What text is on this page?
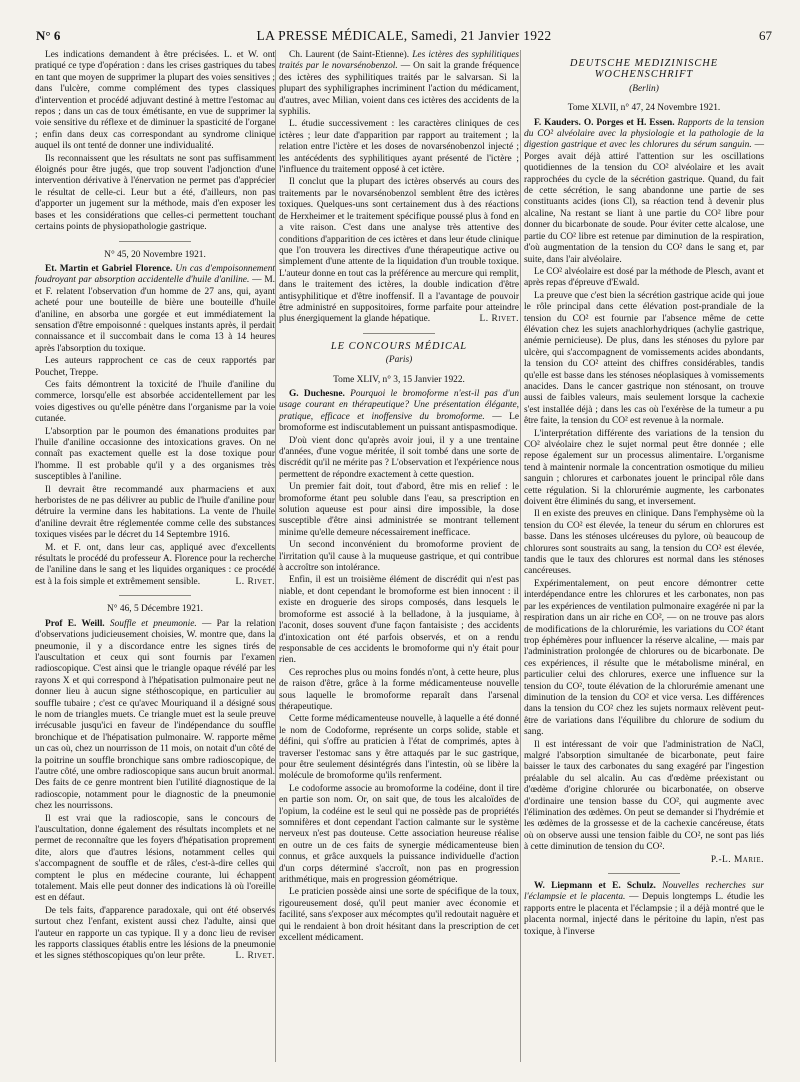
N° 6	LA PRESSE MÉDICALE, Samedi, 21 Janvier 1922	67

Les indications demandent à être précisées. L. et W. ont pratiqué ce type d'opération : dans les crises gastriques du tabes en tant que moyen de supprimer la plupart des voies sensitives ; dans l'ulcère, comme complément des types classiques d'intervention et procédé adjuvant destiné à mettre l'estomac au repos ; dans un cas de toux émétisante, en vue de supprimer la voie sensitive du réflexe et de diminuer la spasticité de l'organe ; enfin dans deux cas correspondant au syndrome clinique auquel ils ont tenté de donner une individualité.

Ils reconnaissent que les résultats ne sont pas suffisamment éloignés pour être jugés, que trop souvent l'adjonction d'une intervention dérivative à l'énervation ne permet pas d'apprécier le résultat de celle-ci. Leur but a été, d'ailleurs, non pas d'apporter un jugement sur la méthode, mais d'en exposer les bases et les considérations que celles-ci permettent touchant certains points de physiopathologie gastrique.

N° 45, 20 Novembre 1921.

Et. Martin et Gabriel Florence. Un cas d'empoisonnement foudroyant par absorption accidentelle d'huile d'aniline. — M. et F. relatent l'observation d'un homme de 27 ans, qui, ayant acheté pour une bouteille de bière une bouteille d'huile d'aniline, en absorba une gorgée et eut immédiatement la sensation d'être empoisonné : quelques instants après, il perdait connaissance et il succombait dans le coma 13 à 14 heures après l'absorption du toxique.

Les auteurs rapprochent ce cas de ceux rapportés par Pouchet, Treppe.

Ces faits démontrent la toxicité de l'huile d'aniline du commerce, lorsqu'elle est absorbée accidentellement par les voies digestives ou qu'elle pénètre dans l'organisme par la voie cutanée.

L'absorption par le poumon des émanations produites par l'huile d'aniline occasionne des intoxications graves. On ne connaît pas exactement quelle est la dose toxique pour l'homme. Il est probable qu'il y a des organismes très susceptibles à l'aniline.

Il devrait être recommandé aux pharmaciens et aux herboristes de ne pas délivrer au public de l'huile d'aniline pour détruire la vermine dans les habitations. La vente de l'huile d'aniline devrait être réglementée comme celle des substances toxiques visées par le décret du 14 Septembre 1916.

M. et F. ont, dans leur cas, appliqué avec d'excellents résultats le procédé du professeur A. Florence pour la recherche de l'aniline dans le sang et les liquides organiques : ce procédé est à la fois simple et extrêmement sensible.	L. Rivet.

N° 46, 5 Décembre 1921.

Prof E. Weill. Souffle et pneumonie. — Par la relation d'observations judicieusement choisies, W. montre que, dans la pneumonie, il y a discordance entre les signes tirés de l'auscultation et ceux qui sont fournis par l'examen radioscopique. C'est ainsi que le triangle opaque révélé par les rayons X et qui correspond à l'hépatisation pulmonaire peut ne donner lieu à aucun signe stéthoscopique, en particulier au souffle tubaire ; c'est ce qu'avec Mouriquand il a désigné sous le nom de triangles muets. Ce triangle muet est la seule preuve irrécusable jusqu'ici en faveur de l'indépendance du souffle bronchique et de l'hépatisation pulmonaire. W. rapporte même un cas où, chez un nourrisson de 11 mois, on notait d'un côté de la poitrine un souffle bronchique sans ombre radioscopique, de l'autre côté, une ombre radioscopique sans aucun bruit anormal. Des faits de ce genre montrent bien l'utilité diagnostique de la radioscopie, notamment pour le diagnostic de la pneumonie chez les nourrissons.

Il est vrai que la radioscopie, sans le concours de l'auscultation, donne également des résultats incomplets et ne permet de reconnaître que les foyers d'hépatisation proprement dite, alors que d'autres lésions, notamment celles qui s'accompagnent de souffle et de râles, c'est-à-dire celles qui comptent le plus en médecine courante, lui échappent totalement. Mais elle peut donner des indications là où l'oreille est en défaut.

De tels faits, d'apparence paradoxale, qui ont été observés surtout chez l'enfant, existent aussi chez l'adulte, ainsi que l'auteur en rapporte un cas typique. Il y a donc lieu de reviser les rapports classiques établis entre les lésions de la pneumonie et les signes stéthoscopiques qu'on leur prête.	L. Rivet.

Ch. Laurent (de Saint-Etienne). Les ictères des syphilitiques traités par le novarsénobenzol. — On sait la grande fréquence des ictères des syphilitiques traités par le salvarsan. Si la plupart des syphiligraphes incriminent l'action du médicament, d'autres, avec Milian, voient dans ces ictères des accidents de la syphilis.

L. étudie successivement : les caractères cliniques de ces ictères ; leur date d'apparition par rapport au traitement ; la relation entre l'ictère et les doses de novarsénobenzol injecté ; les antécédents des syphilitiques ayant présenté de l'ictère ; l'influence du traitement opposé à cet ictère.

Il conclut que la plupart des ictères observés au cours des traitements par le novarsénobenzol semblent être des ictères toxiques. Quelques-uns sont certainement dus à des réactions de Herxheimer et le traitement spécifique poussé plus à fond en a vite raison. C'est dans une analyse très attentive des conditions d'apparition de ces ictères et dans leur étude clinique que l'on trouvera les directives d'une thérapeutique active ou simplement d'une attente de la liquidation d'un trouble toxique. L'auteur donne en tout cas la préférence au mercure qui remplit, dans le traitement des ictères, la double indication d'être antisyphilitique et d'être inoffensif. Il a l'avantage de pouvoir être administré en suppositoires, forme parfaite pour atteindre plus énergiquement la glande hépatique.	L. Rivet.

LE CONCOURS MÉDICAL

(Paris)

Tome XLIV, n° 3, 15 Janvier 1922.

G. Duchesne. Pourquoi le bromoforme n'est-il pas d'un usage courant en thérapeutique? Une présentation élégante, pratique, efficace et inoffensive du bromoforme. — Le bromoforme est indiscutablement un puissant antispasmodique.

D'où vient donc qu'après avoir joui, il y a une trentaine d'années, d'une vogue méritée, il soit tombé dans une sorte de discrédit qu'il ne mérite pas ? L'observation et l'expérience nous permettent de répondre exactement à cette question.

Un premier fait doit, tout d'abord, être mis en relief : le bromoforme étant peu soluble dans l'eau, sa prescription en solution aqueuse est pour ainsi dire impossible, la dose susceptible d'être ainsi administrée se montrant tellement minime qu'elle demeure nécessairement inefficace.

Un second inconvénient du bromoforme provient de l'irritation qu'il cause à la muqueuse gastrique, et qui contribue à accroître son intolérance.

Enfin, il est un troisième élément de discrédit qui n'est pas niable, et dont cependant le bromoforme est bien innocent : il existe en droguerie des sirops composés, dans lesquels le bromoforme est associé à la belladone, à la jusquiame, à l'aconit, doses souvent d'une façon fantaisiste ; des accidents d'intoxication ont été parfois observés, et on a rendu responsable de ces accidents le bromoforme qui n'y était pour rien.

Ces reproches plus ou moins fondés n'ont, à cette heure, plus de raison d'être, grâce à la forme médicamenteuse nouvelle sous laquelle le bromoforme reparaît dans l'arsenal thérapeutique.

Cette forme médicamenteuse nouvelle, à laquelle a été donné le nom de Codoforme, représente un corps solide, stable et défini, qui s'offre au praticien à l'état de comprimés, aptes à traverser l'estomac sans y être attaqués par le suc gastrique, pour être seulement désintégrés dans l'intestin, où se libère la molécule de bromoforme qu'ils renferment.

Le codoforme associe au bromoforme la codéine, dont il tire en partie son nom. Or, on sait que, de tous les alcaloïdes de l'opium, la codéine est le seul qui ne possède pas de propriétés somnifères et dont cependant l'action calmante sur le système nerveux n'est pas douteuse. Cette association heureuse réalise en outre un de ces faits de synergie médicamenteuse bien connus, et grâce auxquels la puissance individuelle d'action d'un corps déterminé s'accroît, non pas en progression arithmétique, mais en progression géométrique.

Le praticien possède ainsi une sorte de spécifique de la toux, rigoureusement dosé, qu'il peut manier avec économie et facilité, sans s'exposer aux mécomptes qu'il redoutait naguère et qui le rendaient à bon droit hésitant dans la prescription de cet excellent médicament.

DEUTSCHE MEDIZINISCHE WOCHENSCHRIFT

(Berlin)

Tome XLVII, n° 47, 24 Novembre 1921.

F. Kauders. O. Porges et H. Essen. Rapports de la tension du CO² alvéolaire avec la physiologie et la pathologie de la digestion gastrique et avec les chlorures du sérum sanguin. — Porges avait déjà attiré l'attention sur les oscillations quotidiennes de la tension du CO² alvéolaire et les avait rapprochées du cycle de la sécrétion gastrique. Quand, du fait de cette sécrétion, le sang abandonne une partie de ses constituants acides (ions Cl), sa réaction tend à devenir plus alcaline, Na restant se liant à une partie du CO² libre pour donner du bicarbonate de soude. Pour éviter cette alcalose, une partie du CO² libre est retenue par diminution de la respiration, d'où augmentation de la tension du CO² dans le sang et, par suite, dans l'air alvéolaire.

Le CO² alvéolaire est dosé par la méthode de Plesch, avant et après repas d'épreuve d'Ewald.

La preuve que c'est bien la sécrétion gastrique acide qui joue le rôle principal dans cette élévation post-prandiale de la tension du CO² est fournie par l'absence même de cette élévation chez les sujets anachlorhydriques (achylie gastrique, anémie pernicieuse). De plus, dans les sténoses du pylore par ulcère, qui s'accompagnent de vomissements acides abondants, la tension du CO² atteint des chiffres considérables, tandis qu'elle est basse dans les sténoses néoplasiques à vomissements anacides. Dans le cancer gastrique non sténosant, on trouve aussi de faibles valeurs, mais seulement lorsque la cachexie s'est installée déjà ; dans les cas où l'exérèse de la tumeur a pu être faite, la tension du CO² est revenue à la normale.

L'interprétation différente des variations de la tension du CO² alvéolaire chez le sujet normal peut être donnée ; elle repose également sur un processus alimentaire. L'organisme tend à maintenir normale la concentration osmotique du milieu sanguin ; chlorures et carbonates jouent le principal rôle dans cette régulation. Si la chlorurémie augmente, les carbonates doivent être éliminés du sang, et inversement.

Il en existe des preuves en clinique. Dans l'emphysème où la tension du CO² est élevée, la teneur du sérum en chlorures est basse. Dans les sténoses ulcéreuses du pylore, où beaucoup de chlorures sont soustraits au sang, la tension du CO² est élevée, tandis que le taux des chlorures est normal dans les sténoses cancéreuses.

Expérimentalement, on peut encore démontrer cette interdépendance entre les chlorures et les carbonates, non pas par les expériences de ventilation pulmonaire exagérée ni par la respiration dans un air riche en CO², — on ne trouve pas alors de modifications de la chlorurémie, les variations du CO² étant trop éphémères pour influencer la réserve alcaline, — mais par l'administration prolongée de chlorures ou de bicarbonate. De ces expériences, il résulte que le métabolisme minéral, en particulier celui des chlorures, exerce une influence sur la tension du CO², toute élévation de la chlorurémie amenant une diminution de la tension du CO² et vice versa. Les différences dans la tension du CO² chez les sujets normaux relèvent peut-être de variations dans l'équilibre du chlorure de sodium du sang.

Il est intéressant de voir que l'administration de NaCl, malgré l'absorption simultanée de bicarbonate, peut faire baisser le taux des carbonates du sang exagéré par l'ingestion préalable du sel alcalin. Au cas d'œdème préexistant ou d'œdème d'origine chlorurée ou bicarbonatée, on observe d'ordinaire une tension basse du CO², qui augmente avec l'élimination des œdèmes. On peut se demander si l'hydrémie et les œdèmes de la grossesse et de la cachexie cancéreuse, états où on observe aussi une tension faible du CO², ne sont pas liés à cette diminution de tension du CO².

P.-L. Marie.

W. Liepmann et E. Schulz. Nouvelles recherches sur l'éclampsie et le placenta. — Depuis longtemps L. étudie les rapports entre le placenta et l'éclampsie ; il a déjà montré que le placenta normal, injecté dans le péritoine du lapin, n'est pas toxique, à l'inverse
